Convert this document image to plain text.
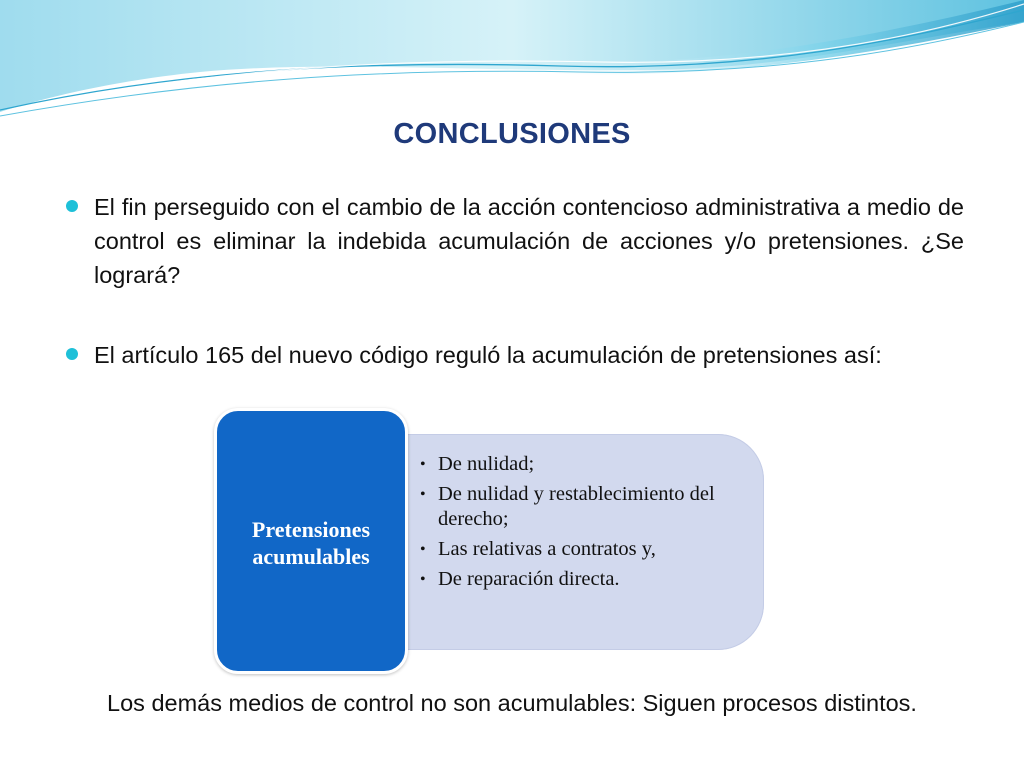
CONCLUSIONES
El fin perseguido con el cambio de la acción contencioso administrativa a medio de control es eliminar la indebida acumulación de acciones y/o pretensiones. ¿Se logrará?
El artículo 165 del nuevo código reguló la acumulación de pretensiones así:
• De nulidad;
• De nulidad y restablecimiento del derecho;
• Las relativas a contratos y,
• De reparación directa.
Pretensiones acumulables
Los demás medios de control no son acumulables: Siguen procesos distintos.
